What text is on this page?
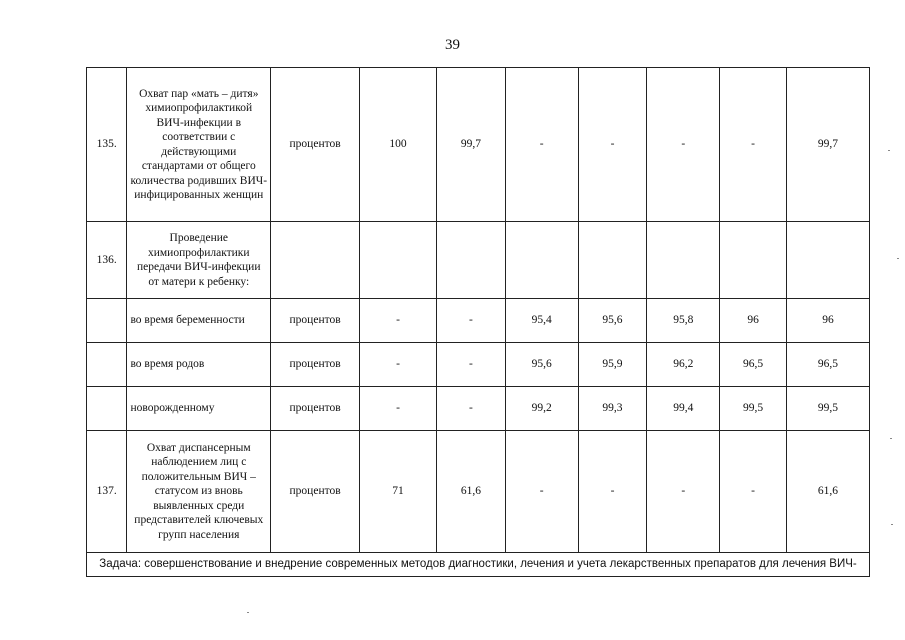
39
135.	Охват пар «мать – дитя» химиопрофилактикой ВИЧ-инфекции в соответствии с действующими стандартами от общего количества родивших ВИЧ-инфицированных женщин	процентов	100	99,7	-	-	-	-	99,7
136.	Проведение химиопрофилактики передачи ВИЧ-инфекции от матери к ребенку:								
	во время беременности	процентов	-	-	95,4	95,6	95,8	96	96
	во время родов	процентов	-	-	95,6	95,9	96,2	96,5	96,5
	новорожденному	процентов	-	-	99,2	99,3	99,4	99,5	99,5
137.	Охват диспансерным наблюдением лиц с положительным ВИЧ – статусом из вновь выявленных среди представителей ключевых групп населения	процентов	71	61,6	-	-	-	-	61,6
Задача: совершенствование и внедрение современных методов диагностики, лечения и учета лекарственных препаратов для лечения ВИЧ-									
